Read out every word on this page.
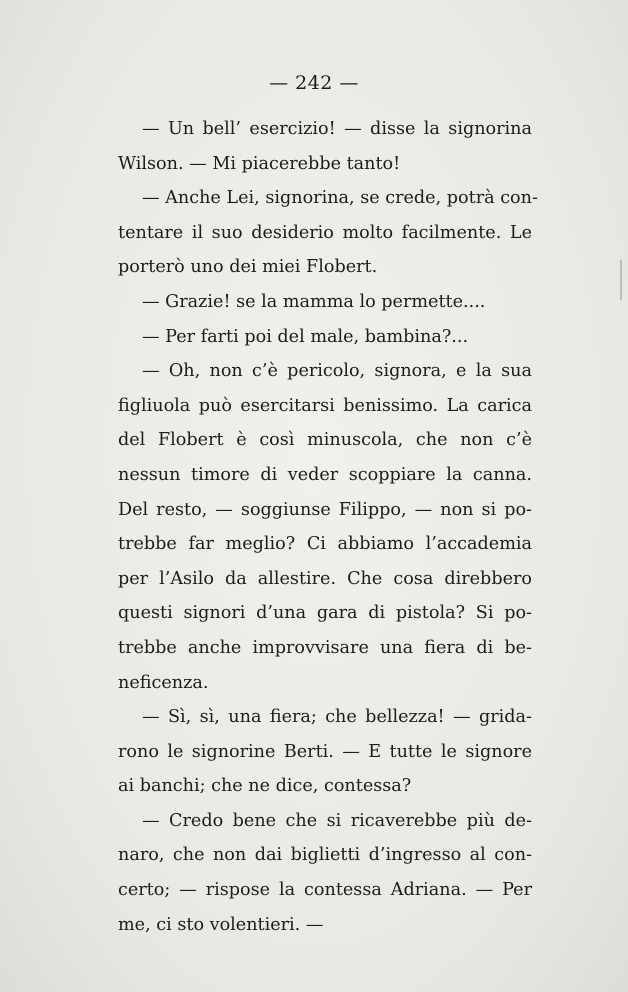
— 242 —
— Un bell’ esercizio! — disse la signorina
Wilson. — Mi piacerebbe tanto!
— Anche Lei, signorina, se crede, potrà con-
tentare il suo desiderio molto facilmente. Le
porterò uno dei miei Flobert.
— Grazie! se la mamma lo permette....
— Per farti poi del male, bambina?...
— Oh, non c’è pericolo, signora, e la sua
figliuola può esercitarsi benissimo. La carica
del Flobert è così minuscola, che non c’è
nessun timore di veder scoppiare la canna.
Del resto, — soggiunse Filippo, — non si po-
trebbe far meglio? Ci abbiamo l’accademia
per l’Asilo da allestire. Che cosa direbbero
questi signori d’una gara di pistola? Si po-
trebbe anche improvvisare una fiera di be-
neficenza.
— Sì, sì, una fiera; che bellezza! — grida-
rono le signorine Berti. — E tutte le signore
ai banchi; che ne dice, contessa?
— Credo bene che si ricaverebbe più de-
naro, che non dai biglietti d’ingresso al con-
certo; — rispose la contessa Adriana. — Per
me, ci sto volentieri. —
